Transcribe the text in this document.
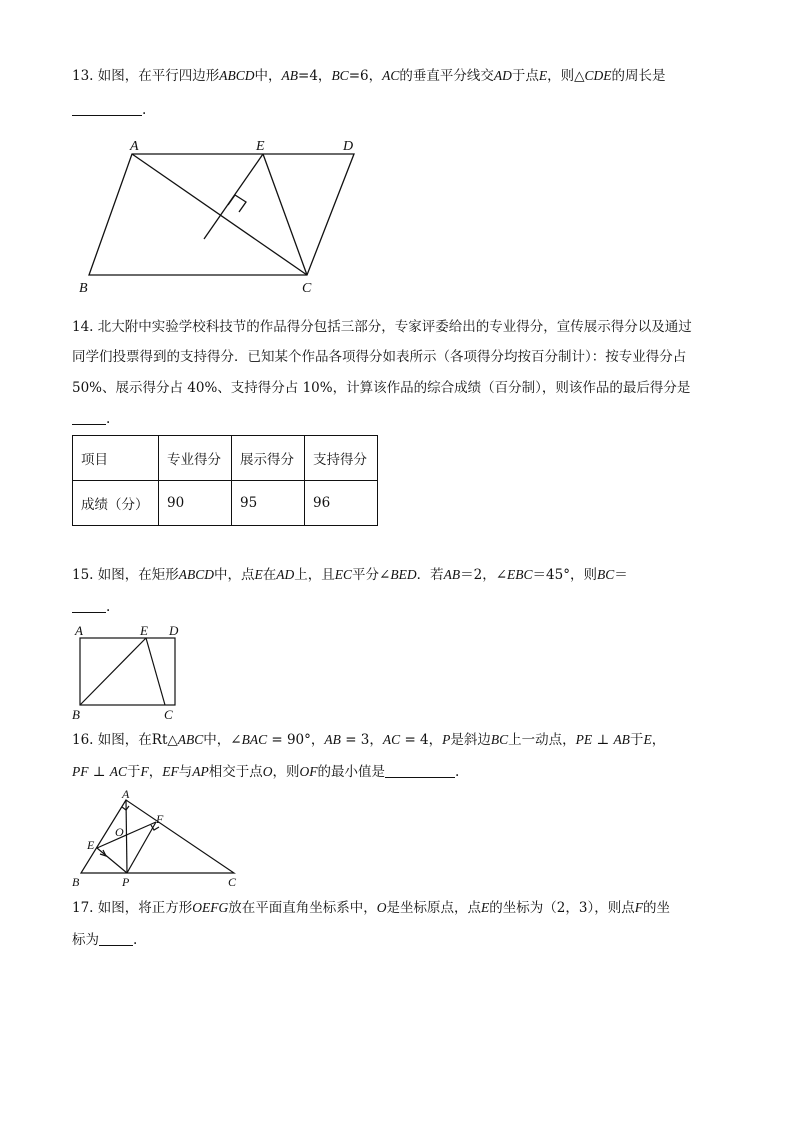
13. 如图，在平行四边形ABCD中，AB=4，BC=6，AC的垂直平分线交AD于点E，则△CDE的周长是
.
A	E	D
B	C
14. 北大附中实验学校科技节的作品得分包括三部分，专家评委给出的专业得分，宣传展示得分以及通过
同学们投票得到的支持得分．已知某个作品各项得分如表所示（各项得分均按百分制计）：按专业得分占
50%、展示得分占 40%、支持得分占 10%，计算该作品的综合成绩（百分制），则该作品的最后得分是
.
项目	专业得分	展示得分	支持得分
成绩（分）	90	95	96
15. 如图，在矩形ABCD中，点E在AD上，且EC平分∠BED．若AB＝2，∠EBC＝45°，则BC＝
.
A	E D
B	C
16. 如图，在Rt△ABC中，∠BAC = 90°，AB = 3，AC = 4，P是斜边BC上一动点，PE ⊥ AB于E，
PF ⊥ AC于F，EF与AP相交于点O，则OF的最小值是	.
A
F
O
E
B	P	C
17. 如图，将正方形OEFG放在平面直角坐标系中，O是坐标原点，点E的坐标为（2，3），则点F的坐
标为	.
